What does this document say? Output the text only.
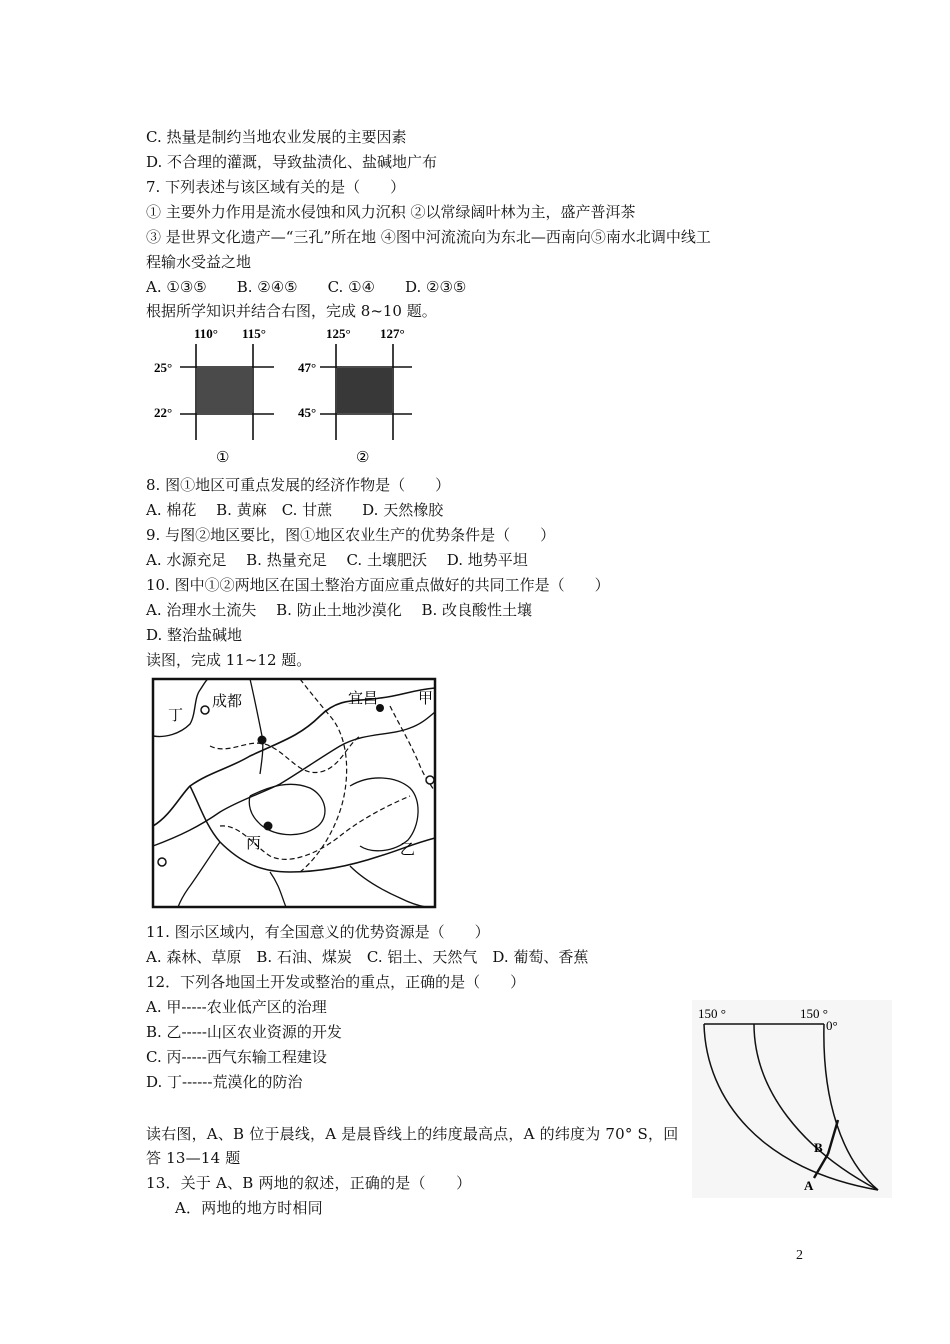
C. 热量是制约当地农业发展的主要因素
D. 不合理的灌溉，导致盐渍化、盐碱地广布
7. 下列表述与该区域有关的是（　　）
① 主要外力作用是流水侵蚀和风力沉积 ②以常绿阔叶林为主，盛产普洱茶
③ 是世界文化遗产—“三孔”所在地 ④图中河流流向为东北—西南向⑤南水北调中线工
程输水受益之地
A. ①③⑤　　B. ②④⑤　　C. ①④　　D. ②③⑤
根据所学知识并结合右图，完成 8~10 题。
110° 115°
25°
22°
①
125° 127°
47°
45°
②
8. 图①地区可重点发展的经济作物是（　　）
A. 棉花　 B. 黄麻　C. 甘蔗　　D. 天然橡胶
9. 与图②地区要比，图①地区农业生产的优势条件是（　　）
A. 水源充足　 B. 热量充足　 C. 土壤肥沃　 D. 地势平坦
10. 图中①②两地区在国土整治方面应重点做好的共同工作是（　　）
A. 治理水土流失　 B. 防止土地沙漠化　 B. 改良酸性土壤
D. 整治盐碱地
读图，完成 11~12 题。
成都	宜昌
丁
甲
丙	乙
11. 图示区域内，有全国意义的优势资源是（　　）
A. 森林、草原　B. 石油、煤炭　C. 铝土、天然气　D. 葡萄、香蕉
12．下列各地国土开发或整治的重点，正确的是（　　）
A. 甲-----农业低产区的治理
B. 乙-----山区农业资源的开发
C. 丙-----西气东输工程建设
D. 丁------荒漠化的防治
读右图，A、B 位于晨线，A 是晨昏线上的纬度最高点，A 的纬度为 70° S，回
答 13—14 题
13．关于 A、B 两地的叙述，正确的是（　　）
A．两地的地方时相同
150 °	150 °
0°
B
A
2
